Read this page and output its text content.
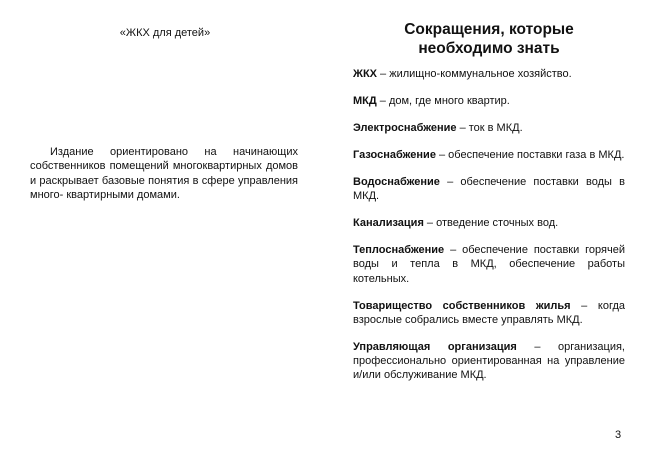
«ЖКХ для детей»

Издание ориентировано на начинающих собственников помещений многоквартирных домов и раскрывает базовые понятия в сфере управления много- квартирными домами.

Сокращения, которые
необходимо знать
ЖКХ – жилищно-коммунальное хозяйство.
МКД – дом, где много квартир.
Электроснабжение – ток в МКД.
Газоснабжение – обеспечение поставки газа в МКД.
Водоснабжение – обеспечение поставки воды в МКД.
Канализация – отведение сточных вод.
Теплоснабжение – обеспечение поставки горячей воды и тепла в МКД, обеспечение работы котельных.
Товарищество собственников жилья – когда взрослые собрались вместе управлять МКД.
Управляющая организация – организация, профессионально ориентированная на управление и/или обслуживание МКД.
3
